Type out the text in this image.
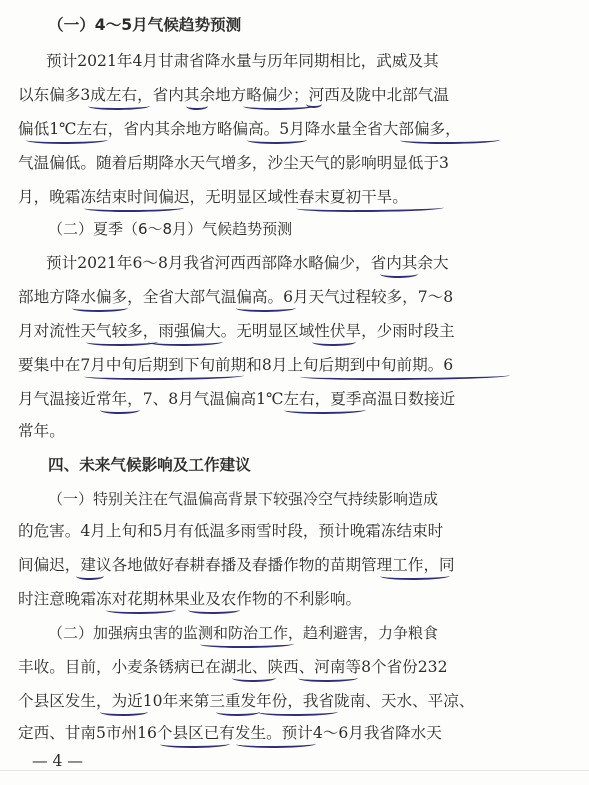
（一）4～5月气候趋势预测
预计2021年4月甘肃省降水量与历年同期相比，武威及其
以东偏多3成左右，省内其余地方略偏少；河西及陇中北部气温
偏低1℃左右，省内其余地方略偏高。5月降水量全省大部偏多，
气温偏低。随着后期降水天气增多，沙尘天气的影响明显低于3
月，晚霜冻结束时间偏迟，无明显区域性春末夏初干旱。
（二）夏季（6～8月）气候趋势预测
预计2021年6～8月我省河西西部降水略偏少，省内其余大
部地方降水偏多，全省大部气温偏高。6月天气过程较多，7～8
月对流性天气较多，雨强偏大。无明显区域性伏旱，少雨时段主
要集中在7月中旬后期到下旬前期和8月上旬后期到中旬前期。6
月气温接近常年，7、8月气温偏高1℃左右，夏季高温日数接近
常年。
四、未来气候影响及工作建议
（一）特别关注在气温偏高背景下较强冷空气持续影响造成
的危害。4月上旬和5月有低温多雨雪时段，预计晚霜冻结束时
间偏迟，建议各地做好春耕春播及春播作物的苗期管理工作，同
时注意晚霜冻对花期林果业及农作物的不利影响。
（二）加强病虫害的监测和防治工作，趋利避害，力争粮食
丰收。目前，小麦条锈病已在湖北、陕西、河南等8个省份232
个县区发生，为近10年来第三重发年份，我省陇南、天水、平凉、
定西、甘南5市州16个县区已有发生。预计4～6月我省降水天
— 4 —
